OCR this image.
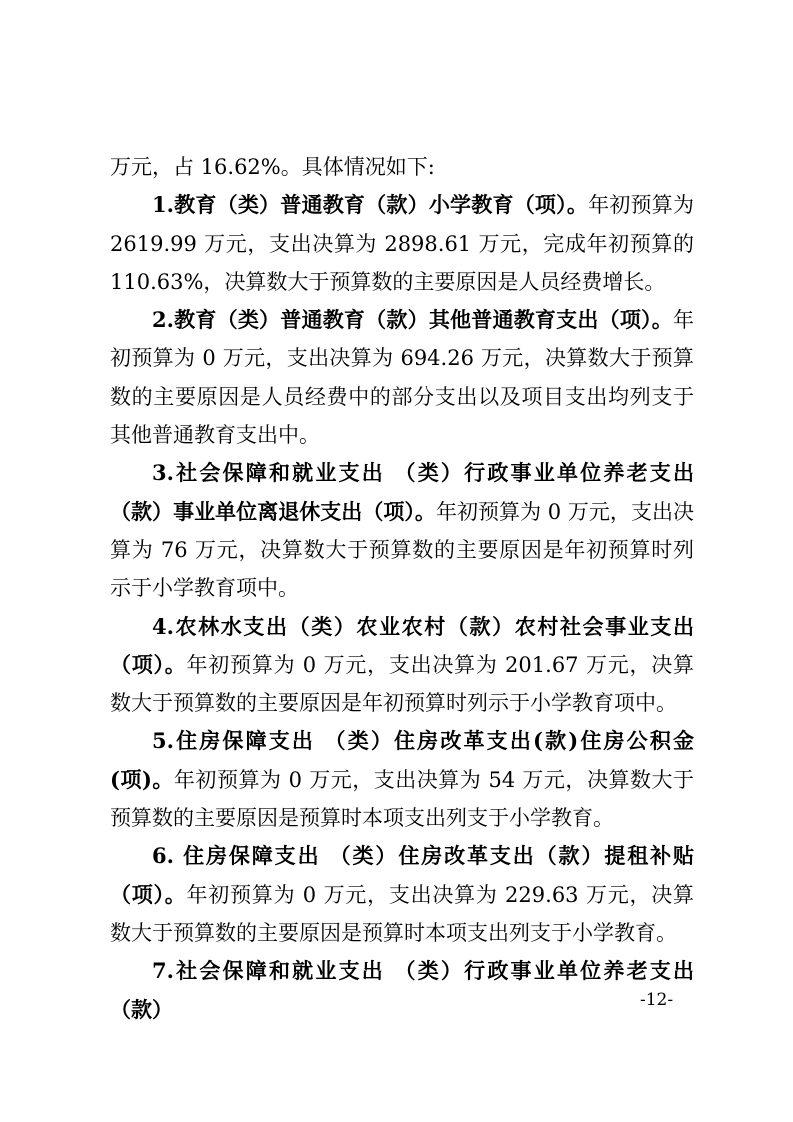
万元，占 16.62%。具体情况如下:

1.教育（类）普通教育（款）小学教育（项）。年初预算为 2619.99 万元，支出决算为 2898.61 万元，完成年初预算的 110.63%，决算数大于预算数的主要原因是人员经费增长。

2.教育（类）普通教育（款）其他普通教育支出（项）。年初预算为 0 万元，支出决算为 694.26 万元，决算数大于预算数的主要原因是人员经费中的部分支出以及项目支出均列支于其他普通教育支出中。

3.社会保障和就业支出 （类）行政事业单位养老支出（款）事业单位离退休支出（项）。年初预算为 0 万元，支出决算为 76 万元，决算数大于预算数的主要原因是年初预算时列示于小学教育项中。

4.农林水支出（类）农业农村（款）农村社会事业支出（项）。年初预算为 0 万元，支出决算为 201.67 万元，决算数大于预算数的主要原因是年初预算时列示于小学教育项中。

5.住房保障支出 （类）住房改革支出(款)住房公积金(项)。年初预算为 0 万元，支出决算为 54 万元，决算数大于预算数的主要原因是预算时本项支出列支于小学教育。

6. 住房保障支出 （类）住房改革支出（款）提租补贴（项）。年初预算为 0 万元，支出决算为 229.63 万元，决算数大于预算数的主要原因是预算时本项支出列支于小学教育。

7.社会保障和就业支出 （类）行政事业单位养老支出（款）	-12-
